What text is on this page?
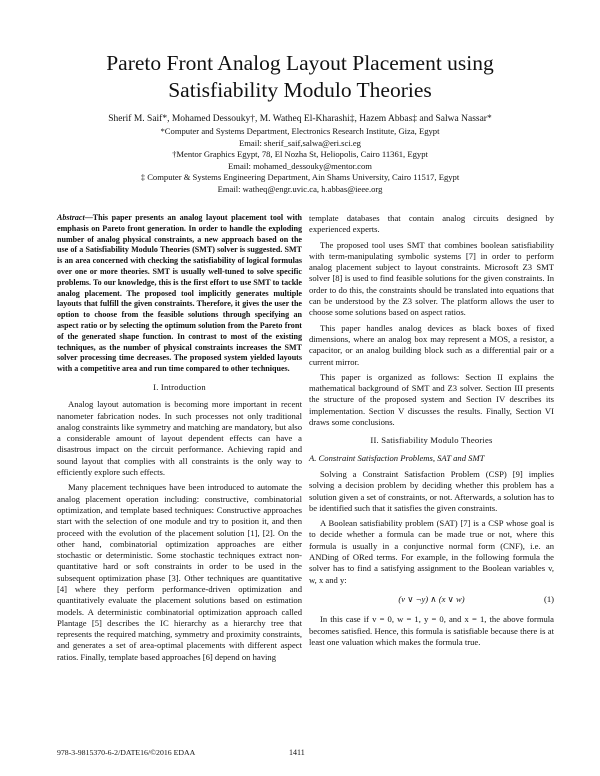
Pareto Front Analog Layout Placement using
Satisfiability Modulo Theories
Sherif M. Saif*, Mohamed Dessouky†, M. Watheq El-Kharashi‡, Hazem Abbas‡ and Salwa Nassar*
*Computer and Systems Department, Electronics Research Institute, Giza, Egypt
Email: sherif_saif,salwa@eri.sci.eg
†Mentor Graphics Egypt, 78, El Nozha St, Heliopolis, Cairo 11361, Egypt
Email: mohamed_dessouky@mentor.com
‡ Computer & Systems Engineering Department, Ain Shams University, Cairo 11517, Egypt
Email: watheq@engr.uvic.ca, h.abbas@ieee.org
Abstract—This paper presents an analog layout placement tool with emphasis on Pareto front generation. In order to handle the exploding number of analog physical constraints, a new approach based on the use of a Satisfiability Modulo Theories (SMT) solver is suggested. SMT is an area concerned with checking the satisfiability of logical formulas over one or more theories. SMT is usually well-tuned to solve specific problems. To our knowledge, this is the first effort to use SMT to tackle analog placement. The proposed tool implicitly generates multiple layouts that fulfill the given constraints. Therefore, it gives the user the option to choose from the feasible solutions through specifying an aspect ratio or by selecting the optimum solution from the Pareto front of the generated shape function. In contrast to most of the existing techniques, as the number of physical constraints increases the SMT solver processing time decreases. The proposed system yielded layouts with a competitive area and run time compared to other techniques.
I. Introduction

Analog layout automation is becoming more important in recent nanometer fabrication nodes. In such processes not only traditional analog constraints like symmetry and matching are mandatory, but also a considerable amount of layout dependent effects can have a disastrous impact on the circuit performance. Achieving rapid and sound layout that complies with all constraints is the only way to efficiently explore such effects.

Many placement techniques have been introduced to automate the analog placement operation including: constructive, combinatorial optimization, and template based techniques: Constructive approaches start with the selection of one module and try to position it, and then proceed with the evolution of the placement solution [1], [2]. On the other hand, combinatorial optimization approaches are either stochastic or deterministic. Some stochastic techniques extract non-quantitative hard or soft constraints in order to be used in the subsequent optimization phase [3]. Other techniques are quantitative [4] where they perform performance-driven optimization and quantitatively evaluate the placement solutions based on estimation models. A deterministic combinatorial optimization approach called Plantage [5] describes the IC hierarchy as a hierarchy tree that represents the required matching, symmetry and proximity constraints, and generates a set of area-optimal placements with different aspect ratios. Finally, template based approaches [6] depend on having

template databases that contain analog circuits designed by experienced experts.

The proposed tool uses SMT that combines boolean satisfiability with term-manipulating symbolic systems [7] in order to perform analog placement subject to layout constraints. Microsoft Z3 SMT solver [8] is used to find feasible solutions for the given constraints. In order to do this, the constraints should be translated into equations that can be understood by the Z3 solver. The platform allows the user to choose some solutions based on aspect ratios.

This paper handles analog devices as black boxes of fixed dimensions, where an analog box may represent a MOS, a resistor, a capacitor, or an analog building block such as a differential pair or a current mirror.

This paper is organized as follows: Section II explains the mathematical background of SMT and Z3 solver. Section III presents the structure of the proposed system and Section IV describes its implementation. Section V discusses the results. Finally, Section VI draws some conclusions.

II. Satisfiability Modulo Theories
A. Constraint Satisfaction Problems, SAT and SMT

Solving a Constraint Satisfaction Problem (CSP) [9] implies solving a decision problem by deciding whether this problem has a solution given a set of constraints, or not. Afterwards, a solution has to be identified such that it satisfies the given constraints.

A Boolean satisfiability problem (SAT) [7] is a CSP whose goal is to decide whether a formula can be made true or not, where this formula is usually in a conjunctive normal form (CNF), i.e. an ANDing of ORed terms. For example, in the following formula the solver has to find a satisfying assignment to the Boolean variables v, w, x and y:

(v ∨ ¬y) ∧ (x ∨ w)	(1)

In this case if v = 0, w = 1, y = 0, and x = 1, the above formula becomes satisfied. Hence, this formula is satisfiable because there is at least one valuation which makes the formula true.

978-3-9815370-6-2/DATE16/©2016 EDAA	1411
